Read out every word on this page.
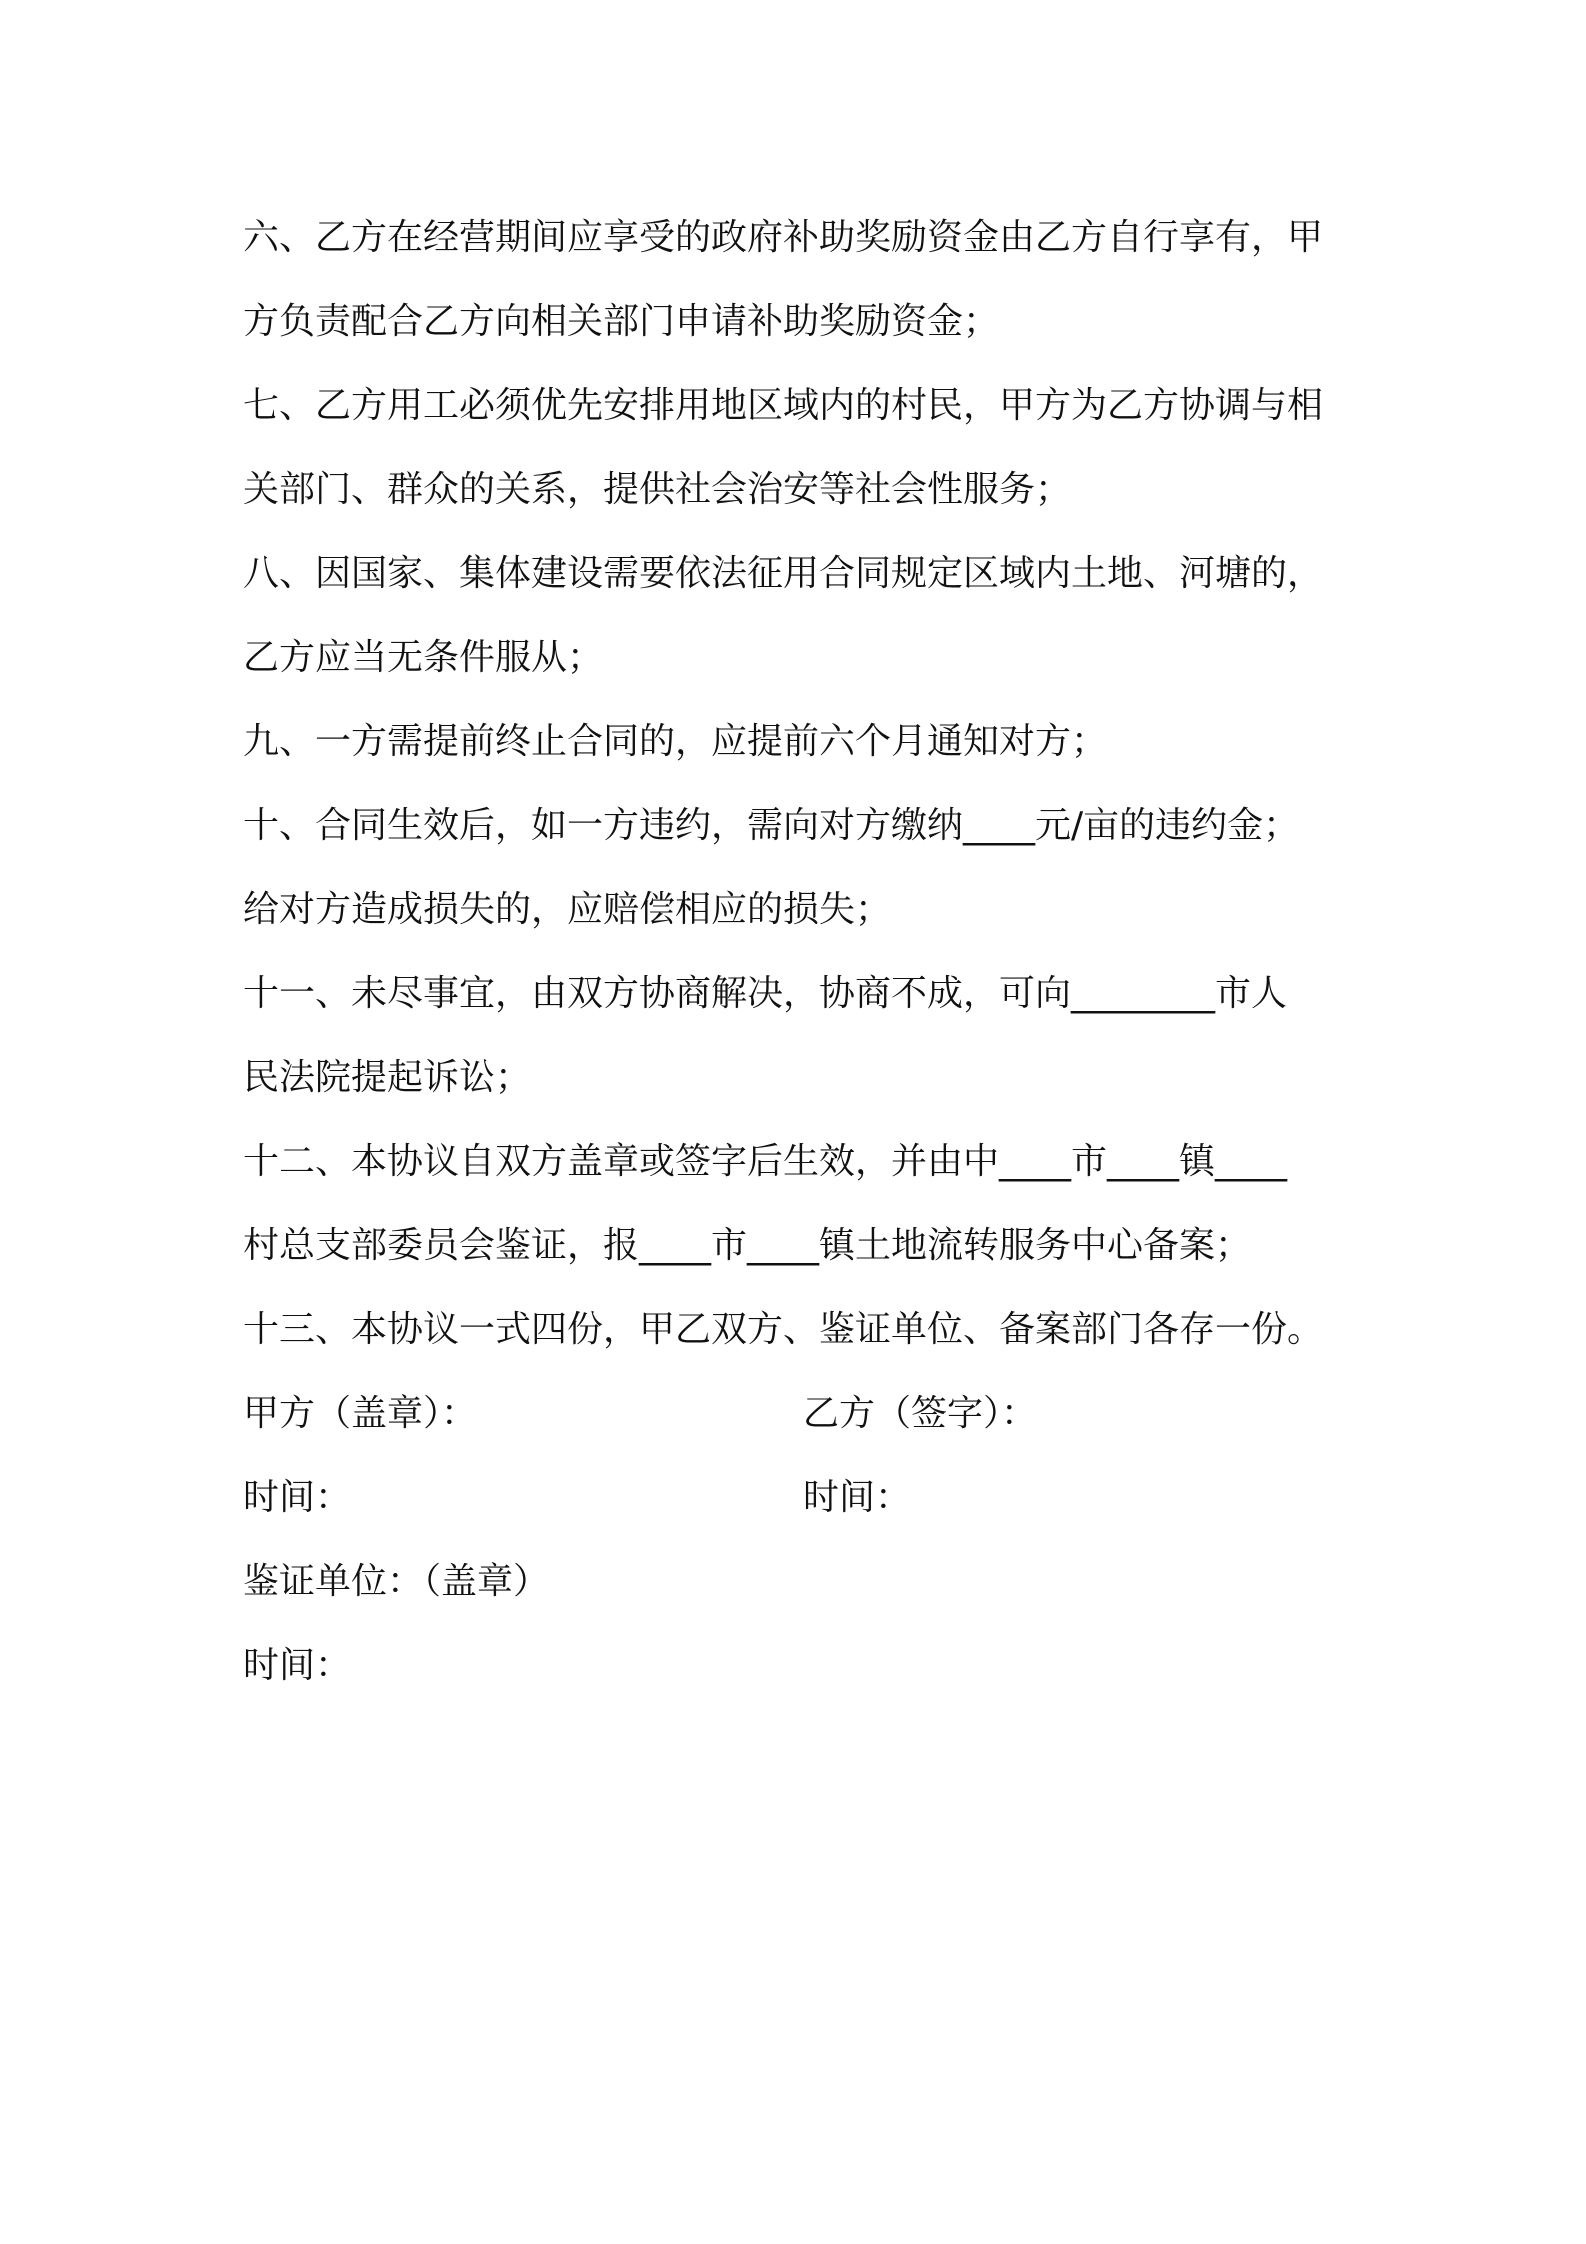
六、乙方在经营期间应享受的政府补助奖励资金由乙方自行享有，甲
方负责配合乙方向相关部门申请补助奖励资金；
七、乙方用工必须优先安排用地区域内的村民，甲方为乙方协调与相
关部门、群众的关系，提供社会治安等社会性服务；
八、因国家、集体建设需要依法征用合同规定区域内土地、河塘的，
乙方应当无条件服从；
九、一方需提前终止合同的，应提前六个月通知对方；
十、合同生效后，如一方违约，需向对方缴纳____元/亩的违约金；
给对方造成损失的，应赔偿相应的损失；
十一、未尽事宜，由双方协商解决，协商不成，可向________市人
民法院提起诉讼；
十二、本协议自双方盖章或签字后生效，并由中____市____镇____
村总支部委员会鉴证，报____市____镇土地流转服务中心备案；
十三、本协议一式四份，甲乙双方、鉴证单位、备案部门各存一份。
甲方（盖章）：	乙方（签字）：
时间：	时间：
鉴证单位：（盖章）
时间：
